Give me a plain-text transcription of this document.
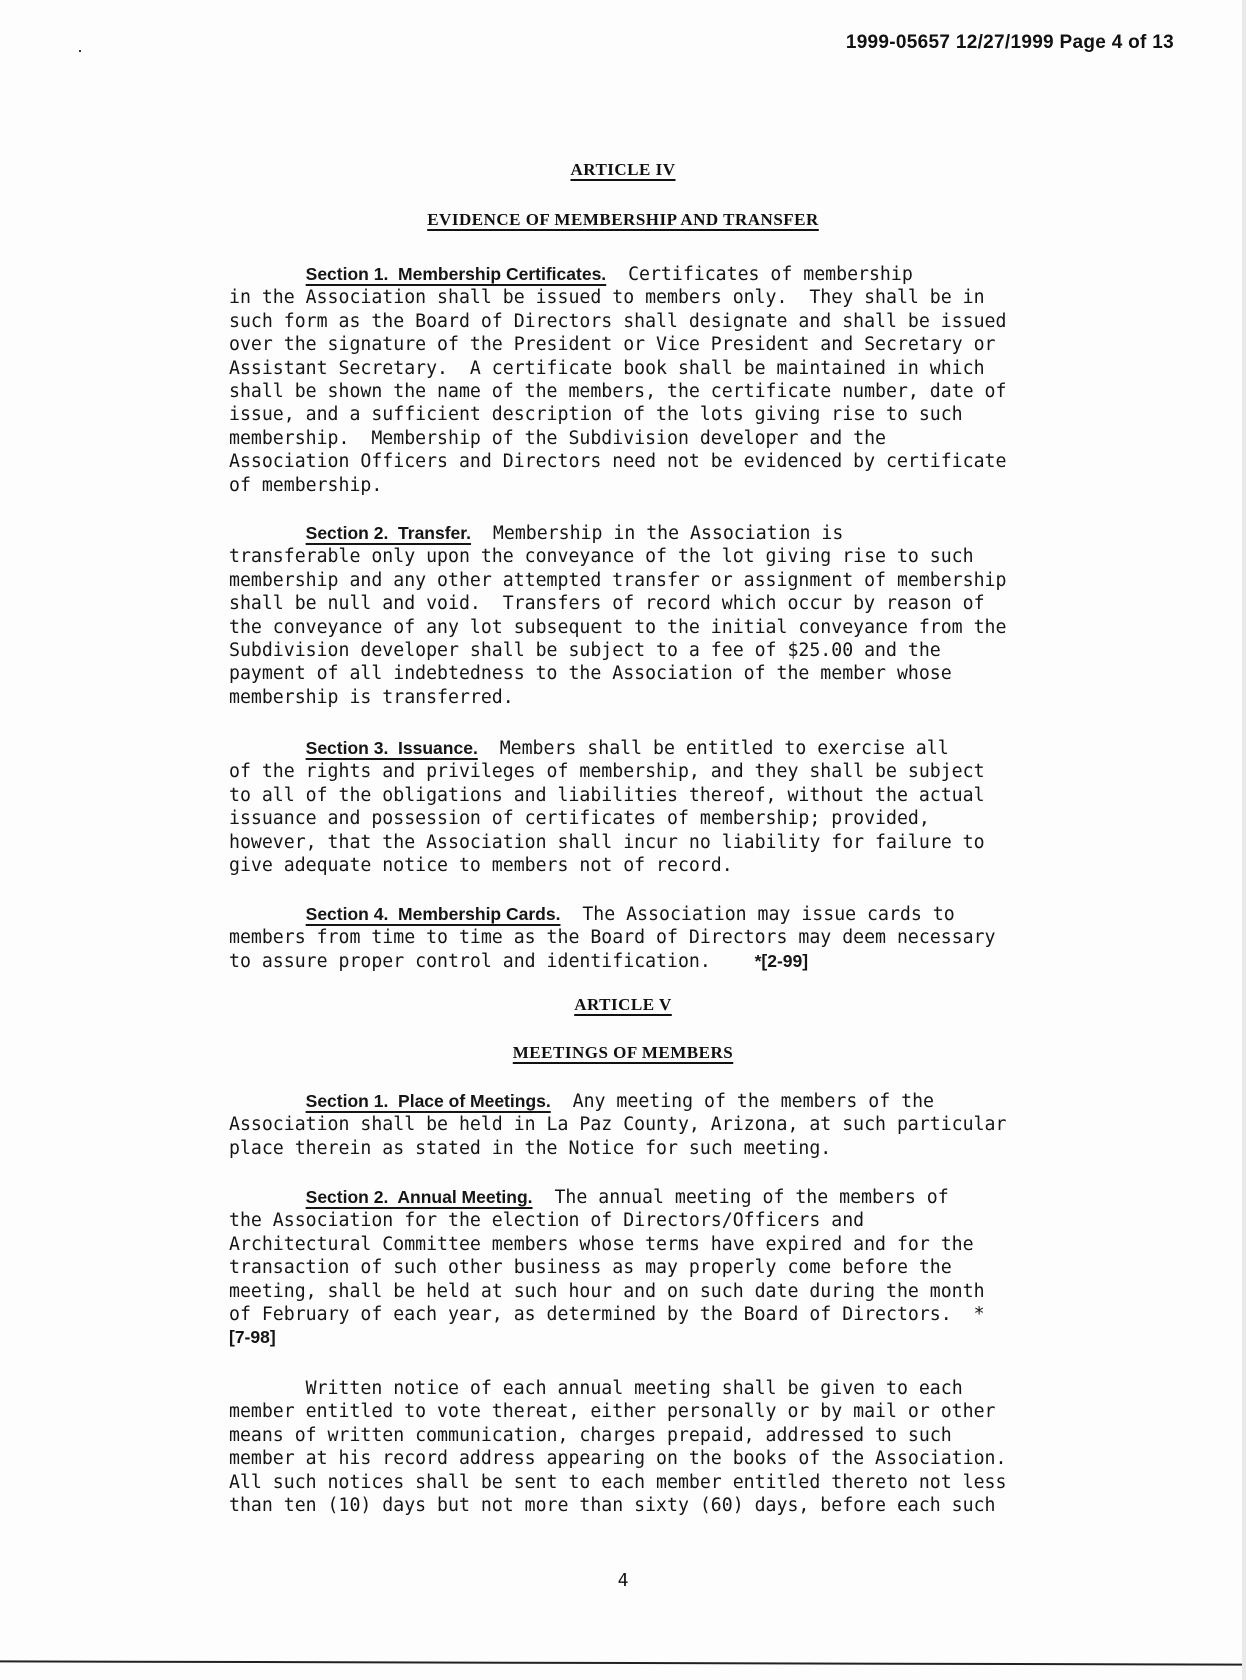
1999-05657 12/27/1999 Page 4 of 13
ARTICLE IV
EVIDENCE OF MEMBERSHIP AND TRANSFER

Section 1.  Membership Certificates.  Certificates of membership
in the Association shall be issued to members only.  They shall be in
such form as the Board of Directors shall designate and shall be issued
over the signature of the President or Vice President and Secretary or
Assistant Secretary.  A certificate book shall be maintained in which
shall be shown the name of the members, the certificate number, date of
issue, and a sufficient description of the lots giving rise to such
membership.  Membership of the Subdivision developer and the
Association Officers and Directors need not be evidenced by certificate
of membership.

Section 2.  Transfer.  Membership in the Association is
transferable only upon the conveyance of the lot giving rise to such
membership and any other attempted transfer or assignment of membership
shall be null and void.  Transfers of record which occur by reason of
the conveyance of any lot subsequent to the initial conveyance from the
Subdivision developer shall be subject to a fee of $25.00 and the
payment of all indebtedness to the Association of the member whose
membership is transferred.

Section 3.  Issuance.  Members shall be entitled to exercise all
of the rights and privileges of membership, and they shall be subject
to all of the obligations and liabilities thereof, without the actual
issuance and possession of certificates of membership; provided,
however, that the Association shall incur no liability for failure to
give adequate notice to members not of record.

Section 4.  Membership Cards.  The Association may issue cards to
members from time to time as the Board of Directors may deem necessary
to assure proper control and identification.	*[2-99]

ARTICLE V
MEETINGS OF MEMBERS

Section 1.  Place of Meetings.  Any meeting of the members of the
Association shall be held in La Paz County, Arizona, at such particular
place therein as stated in the Notice for such meeting.

Section 2.  Annual Meeting.  The annual meeting of the members of
the Association for the election of Directors/Officers and
Architectural Committee members whose terms have expired and for the
transaction of such other business as may properly come before the
meeting, shall be held at such hour and on such date during the month
of February of each year, as determined by the Board of Directors.  *
[7-98]

Written notice of each annual meeting shall be given to each
member entitled to vote thereat, either personally or by mail or other
means of written communication, charges prepaid, addressed to such
member at his record address appearing on the books of the Association.
All such notices shall be sent to each member entitled thereto not less
than ten (10) days but not more than sixty (60) days, before each such

4
